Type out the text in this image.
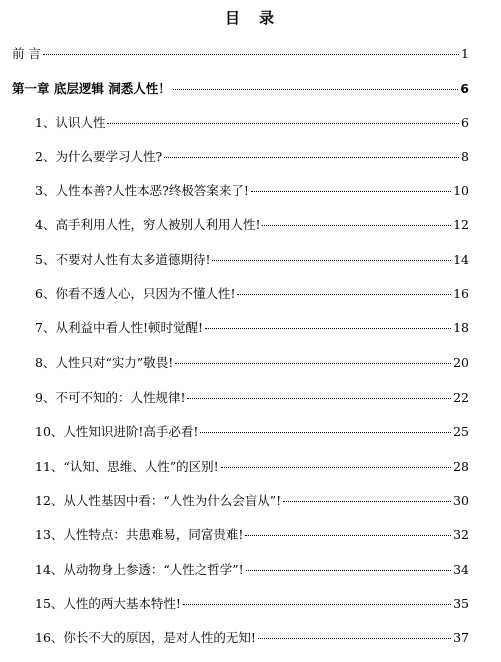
目　录
前 言	1
第一章 底层逻辑 洞悉人性！	6
1、认识人性	6
2、为什么要学习人性?	8
3、人性本善?人性本恶?终极答案来了!	10
4、高手利用人性，穷人被别人利用人性!	12
5、不要对人性有太多道德期待!	14
6、你看不透人心，只因为不懂人性!	16
7、从利益中看人性!顿时觉醒!	18
8、人性只对“实力”敬畏!	20
9、不可不知的：人性规律!	22
10、人性知识进阶!高手必看!	25
11、“认知、思维、人性”的区别!	28
12、从人性基因中看：“人性为什么会盲从”!	30
13、人性特点：共患难易，同富贵难!	32
14、从动物身上参透：“人性之哲学”!	34
15、人性的两大基本特性!	35
16、你长不大的原因，是对人性的无知!	37
